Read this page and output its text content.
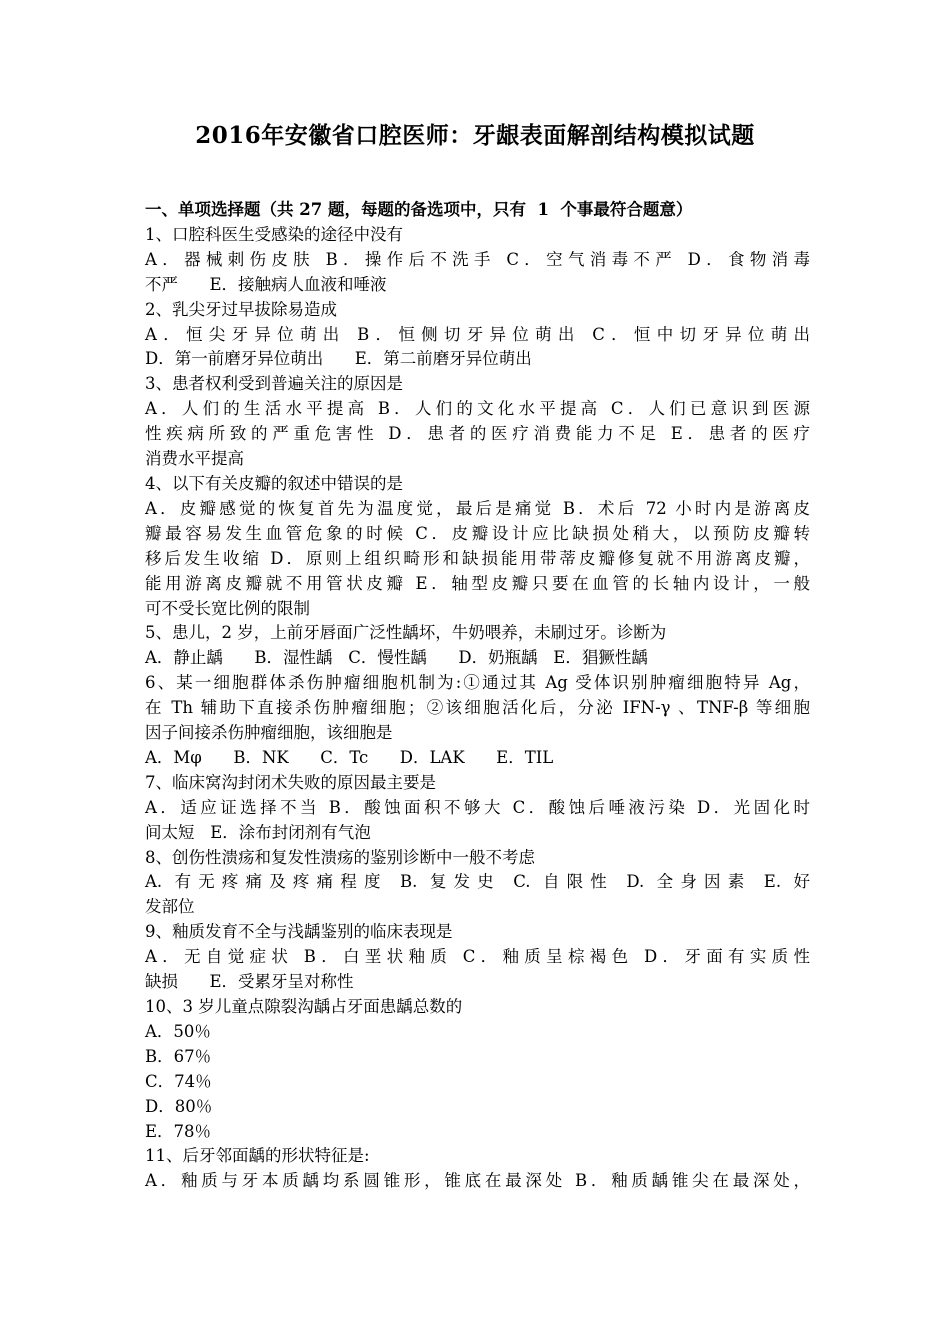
2016年安徽省口腔医师：牙龈表面解剖结构模拟试题
一、单项选择题（共 27 题，每题的备选项中，只有  1  个事最符合题意）
1、口腔科医生受感染的途径中没有
A．器械刺伤皮肤 B．操作后不洗手 C．空气消毒不严 D．食物消毒
不严      E．接触病人血液和唾液
2、乳尖牙过早拔除易造成
A．恒尖牙异位萌出 B．恒侧切牙异位萌出 C．恒中切牙异位萌出
D．第一前磨牙异位萌出      E．第二前磨牙异位萌出
3、患者权利受到普遍关注的原因是
A．人们的生活水平提高 B．人们的文化水平提高 C．人们已意识到医源
性疾病所致的严重危害性 D．患者的医疗消费能力不足 E．患者的医疗
消费水平提高
4、以下有关皮瓣的叙述中错误的是
A．皮瓣感觉的恢复首先为温度觉，最后是痛觉 B．术后 72 小时内是游离皮
瓣最容易发生血管危象的时候 C．皮瓣设计应比缺损处稍大，以预防皮瓣转
移后发生收缩 D．原则上组织畸形和缺损能用带蒂皮瓣修复就不用游离皮瓣，
能用游离皮瓣就不用管状皮瓣 E．轴型皮瓣只要在血管的长轴内设计，一般
可不受长宽比例的限制
5、患儿，2 岁，上前牙唇面广泛性龋坏，牛奶喂养，未刷过牙。诊断为
A．静止龋      B．湿性龋   C．慢性龋      D．奶瓶龋   E．猖獗性龋
6、某一细胞群体杀伤肿瘤细胞机制为:①通过其 Ag 受体识别肿瘤细胞特异 Ag，
在 Th 辅助下直接杀伤肿瘤细胞；②该细胞活化后，分泌 IFN-γ 、TNF-β 等细胞
因子间接杀伤肿瘤细胞，该细胞是
A．Mφ      B．NK      C．Tc      D．LAK      E．TIL
7、临床窝沟封闭术失败的原因最主要是
A．适应证选择不当 B．酸蚀面积不够大 C．酸蚀后唾液污染 D．光固化时
间太短   E．涂布封闭剂有气泡
8、创伤性溃疡和复发性溃疡的鉴别诊断中一般不考虑
A. 有无疼痛及疼痛程度 B. 复发史 C. 自限性 D. 全身因素 E. 好
发部位
9、釉质发育不全与浅龋鉴别的临床表现是
A．无自觉症状 B．白垩状釉质 C．釉质呈棕褐色 D．牙面有实质性
缺损      E．受累牙呈对称性
10、3 岁儿童点隙裂沟龋占牙面患龋总数的
A．50％
B．67％
C．74％
D．80％
E．78％
11、后牙邻面龋的形状特征是:
A．釉质与牙本质龋均系圆锥形，锥底在最深处 B．釉质龋锥尖在最深处，
